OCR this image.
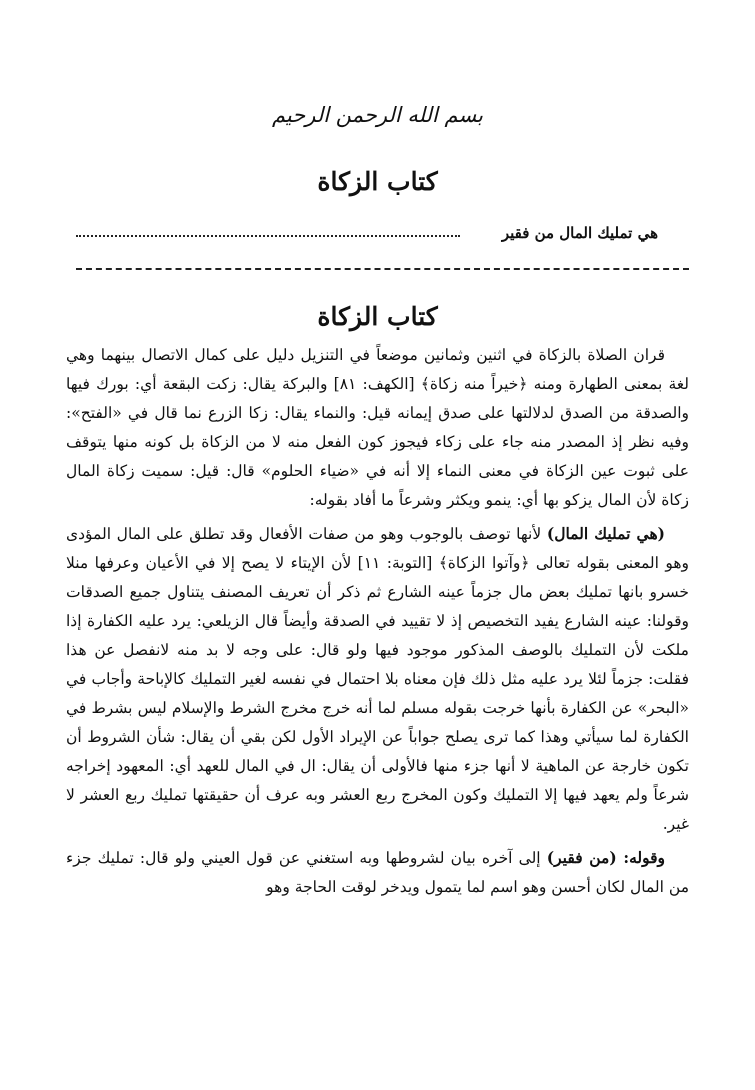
بسم الله الرحمن الرحيم
كتاب الزكاة
هي تمليك المال من فقير
كتاب الزكاة

قران الصلاة بالزكاة في اثنين وثمانين موضعاً في التنزيل دليل على كمال الاتصال بينهما وهي لغة بمعنى الطهارة ومنه ﴿خيراً منه زكاة﴾ [الكهف: ٨١] والبركة يقال: زكت البقعة أي: بورك فيها والصدقة من الصدق لدلالتها على صدق إيمانه قيل: والنماء يقال: زكا الزرع نما قال في «الفتح»: وفيه نظر إذ المصدر منه جاء على زكاء فيجوز كون الفعل منه لا من الزكاة بل كونه منها يتوقف على ثبوت عين الزكاة في معنى النماء إلا أنه في «ضياء الحلوم» قال: قيل: سميت زكاة المال زكاة لأن المال يزكو بها أي: ينمو ويكثر وشرعاً ما أفاد بقوله:

(هي تمليك المال) لأنها توصف بالوجوب وهو من صفات الأفعال وقد تطلق على المال المؤدى وهو المعنى بقوله تعالى ﴿وآتوا الزكاة﴾ [التوبة: ١١] لأن الإيتاء لا يصح إلا في الأعيان وعرفها منلا خسرو بانها تمليك بعض مال جزماً عينه الشارع ثم ذكر أن تعريف المصنف يتناول جميع الصدقات وقولنا: عينه الشارع يفيد التخصيص إذ لا تقييد في الصدقة وأيضاً قال الزيلعي: يرد عليه الكفارة إذا ملكت لأن التمليك بالوصف المذكور موجود فيها ولو قال: على وجه لا بد منه لانفصل عن هذا فقلت: جزماً لئلا يرد عليه مثل ذلك فإن معناه بلا احتمال في نفسه لغير التمليك كالإباحة وأجاب في «البحر» عن الكفارة بأنها خرجت بقوله مسلم لما أنه خرج مخرج الشرط والإسلام ليس بشرط في الكفارة لما سيأتي وهذا كما ترى يصلح جواباً عن الإيراد الأول لكن بقي أن يقال: شأن الشروط أن تكون خارجة عن الماهية لا أنها جزء منها فالأولى أن يقال: ال في المال للعهد أي: المعهود إخراجه شرعاً ولم يعهد فيها إلا التمليك وكون المخرج ربع العشر وبه عرف أن حقيقتها تمليك ربع العشر لا غير.

وقوله: (من فقير) إلى آخره بيان لشروطها وبه استغني عن قول العيني ولو قال: تمليك جزء من المال لكان أحسن وهو اسم لما يتمول ويدخر لوقت الحاجة وهو
